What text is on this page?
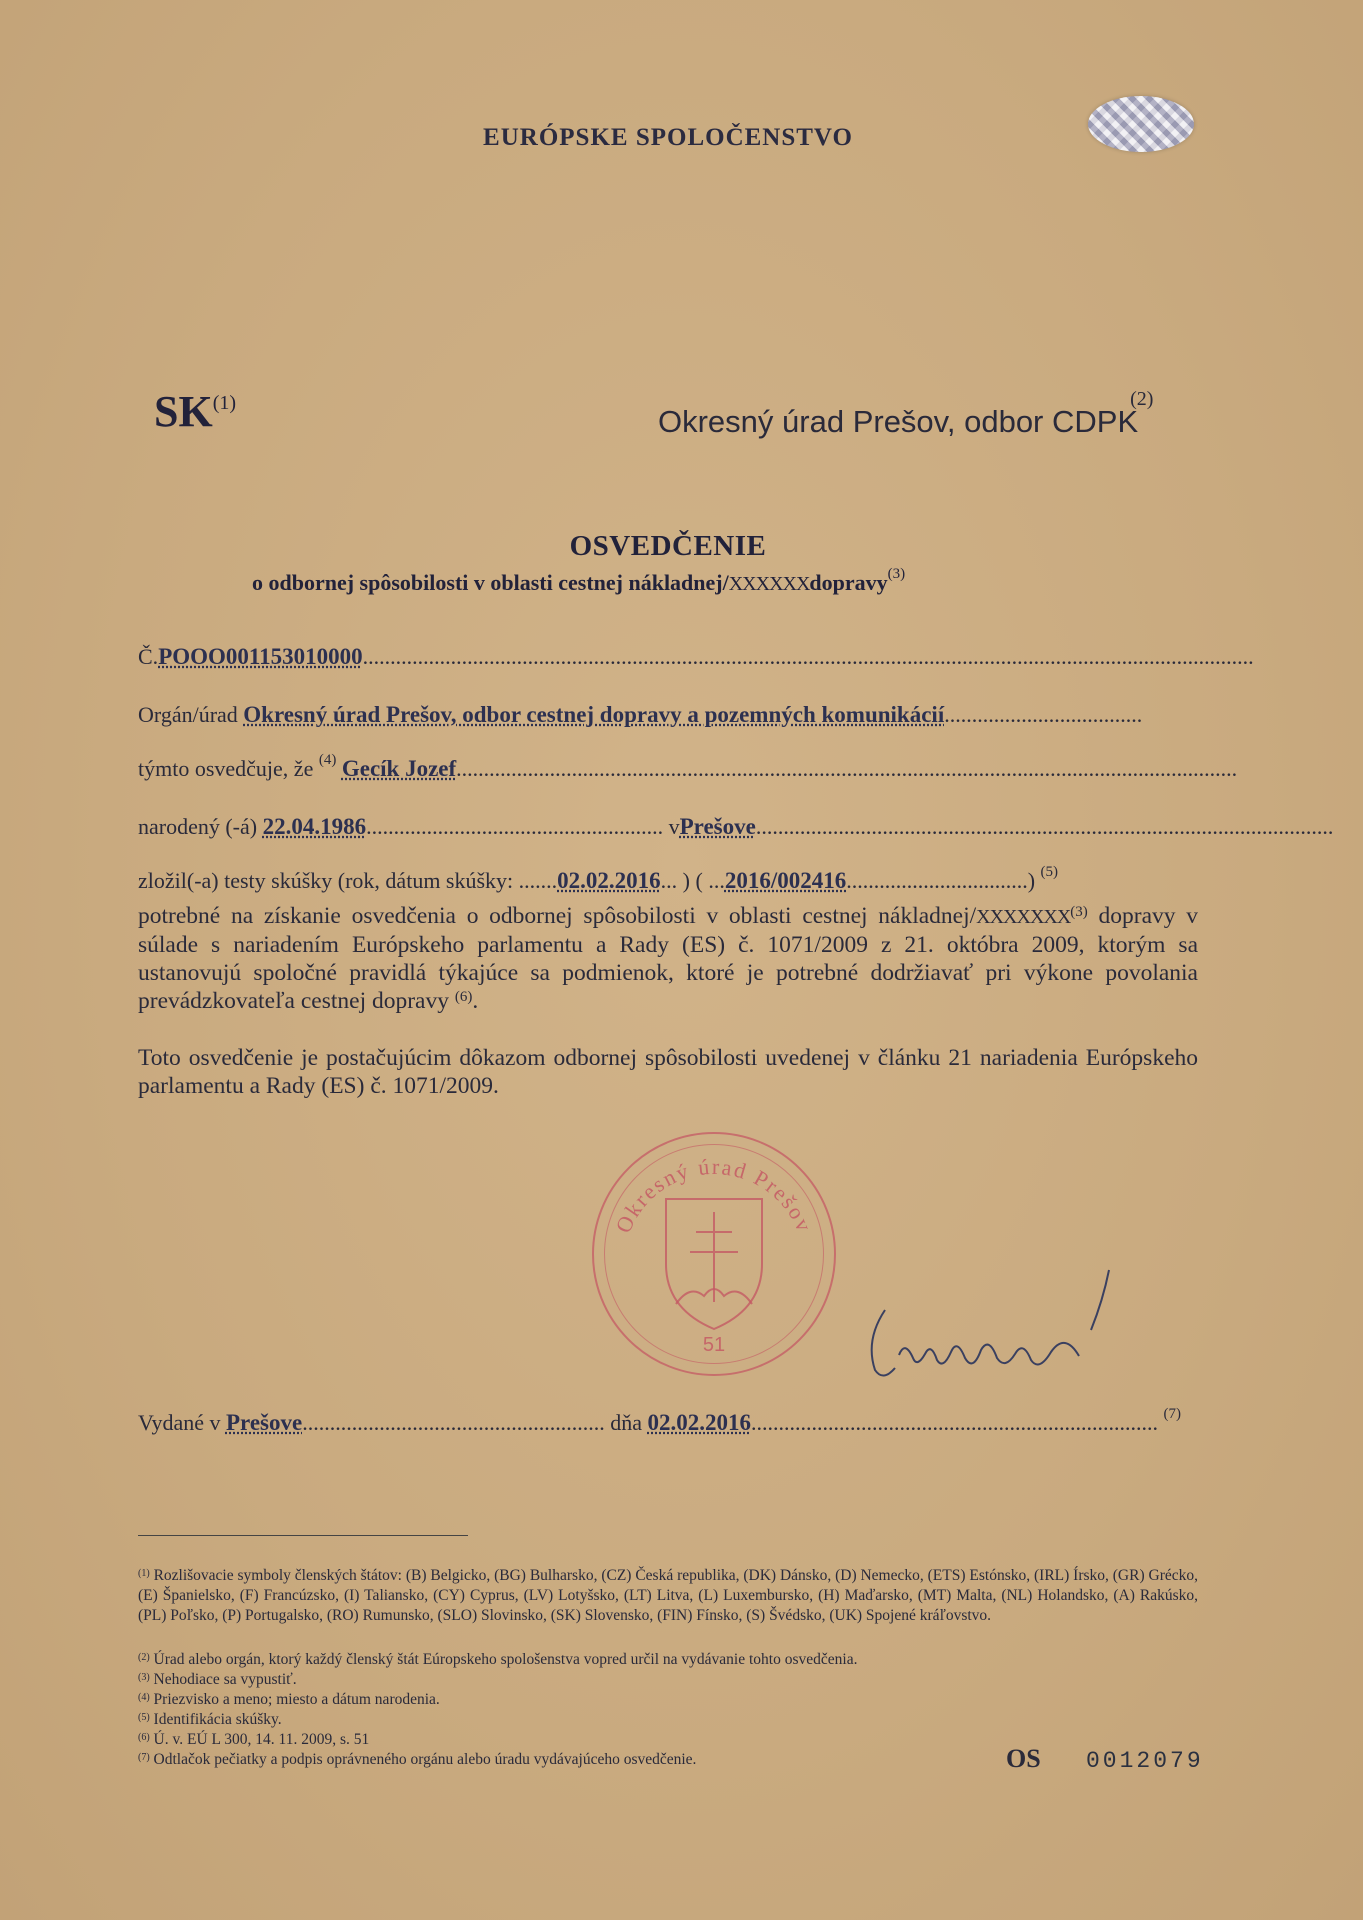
EURÓPSKE SPOLOČENSTVO
SK$^{(1)}$
Okresný úrad Prešov, odbor CDPK$^{(2)}$
OSVEDČENIE
o odbornej spôsobilosti v oblasti cestnej nákladnej/XXXXXXdopravy$^{(3)}$
Č.POOO001153010000..................................................................................................................................................................
Orgán/úrad Okresný úrad Prešov, odbor cestnej dopravy a pozemných komunikácií....................................
týmto osvedčuje, že $^{(4)}$ Gecík Jozef..............................................................................................................................................
narodený (-á) 22.04.1986...................................................... vPrešove.........................................................................................................
zložil(-a) testy skúšky (rok, dátum skúšky: .......02.02.2016... ) ( ...2016/002416.................................) $^{(5)}$
potrebné na získanie osvedčenia o odbornej spôsobilosti v oblasti cestnej nákladnej/XXXXXXX$^{(3)}$ dopravy v súlade s nariadením Európskeho parlamentu a Rady (ES) č. 1071/2009 z 21. októbra 2009, ktorým sa ustanovujú spoločné pravidlá týkajúce sa podmienok, ktoré je potrebné dodržiavať pri výkone povolania prevádzkovateľa cestnej dopravy $^{(6)}$.
Toto osvedčenie je postačujúcim dôkazom odbornej spôsobilosti uvedenej v článku 21 nariadenia Európskeho parlamentu a Rady (ES) č. 1071/2009.
Okresný úrad Prešov
51
Vydané v Prešove....................................................... dňa 02.02.2016.......................................................................... $^{(7)}$
$^{(1)}$ Rozlišovacie symboly členských štátov: (B) Belgicko, (BG) Bulharsko, (CZ) Česká republika, (DK) Dánsko, (D) Nemecko, (ETS) Estónsko, (IRL) Írsko, (GR) Grécko, (E) Španielsko, (F) Francúzsko, (I) Taliansko, (CY) Cyprus, (LV) Lotyšsko, (LT) Litva, (L) Luxembursko, (H) Maďarsko, (MT) Malta, (NL) Holandsko, (A) Rakúsko, (PL) Poľsko, (P) Portugalsko, (RO) Rumunsko, (SLO) Slovinsko, (SK) Slovensko, (FIN) Fínsko, (S) Švédsko, (UK) Spojené kráľovstvo.
$^{(2)}$ Úrad alebo orgán, ktorý každý členský štát Eúropskeho spološenstva vopred určil na vydávanie tohto osvedčenia.
$^{(3)}$ Nehodiace sa vypustiť.
$^{(4)}$ Priezvisko a meno; miesto a dátum narodenia.
$^{(5)}$ Identifikácia skúšky.
$^{(6)}$ Ú. v. EÚ L 300, 14. 11. 2009, s. 51
$^{(7)}$ Odtlačok pečiatky a podpis oprávneného orgánu alebo úradu vydávajúceho osvedčenie.	OS 0012079
